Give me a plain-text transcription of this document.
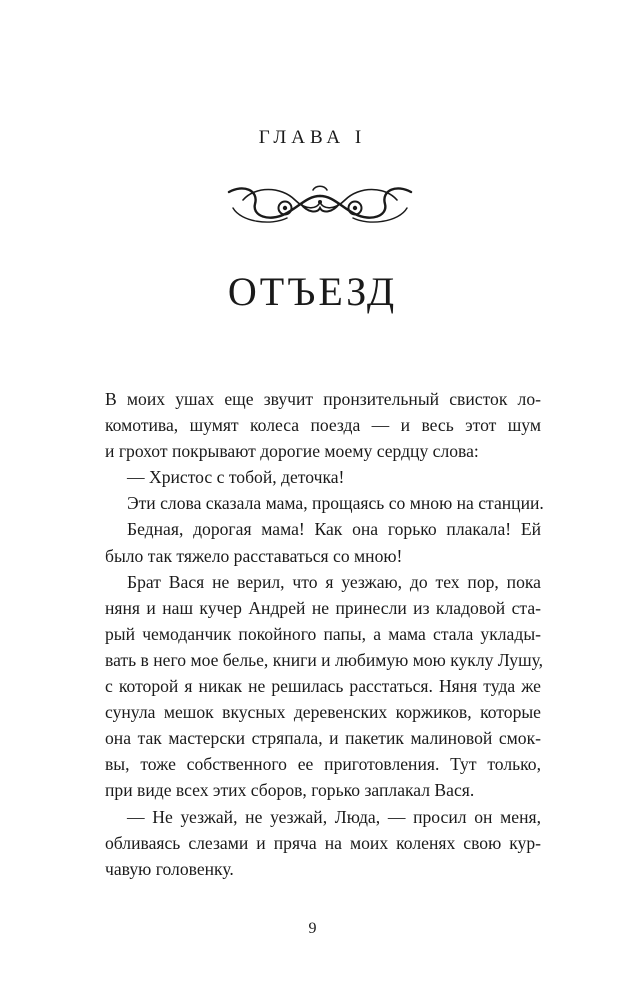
ГЛАВА I
ОТЪЕЗД
В моих ушах еще звучит пронзительный свисток ло-
комотива, шумят колеса поезда — и весь этот шум
и грохот покрывают дорогие моему сердцу слова:
— Христос с тобой, деточка!
Эти слова сказала мама, прощаясь со мною на станции.
Бедная, дорогая мама! Как она горько плакала! Ей
было так тяжело расставаться со мною!
Брат Вася не верил, что я уезжаю, до тех пор, пока
няня и наш кучер Андрей не принесли из кладовой ста-
рый чемоданчик покойного папы, а мама стала уклады-
вать в него мое белье, книги и любимую мою куклу Лушу,
с которой я никак не решилась расстаться. Няня туда же
сунула мешок вкусных деревенских коржиков, которые
она так мастерски стряпала, и пакетик малиновой смок-
вы, тоже собственного ее приготовления. Тут только,
при виде всех этих сборов, горько заплакал Вася.
— Не уезжай, не уезжай, Люда, — просил он меня,
обливаясь слезами и пряча на моих коленях свою кур-
чавую головенку.
9
